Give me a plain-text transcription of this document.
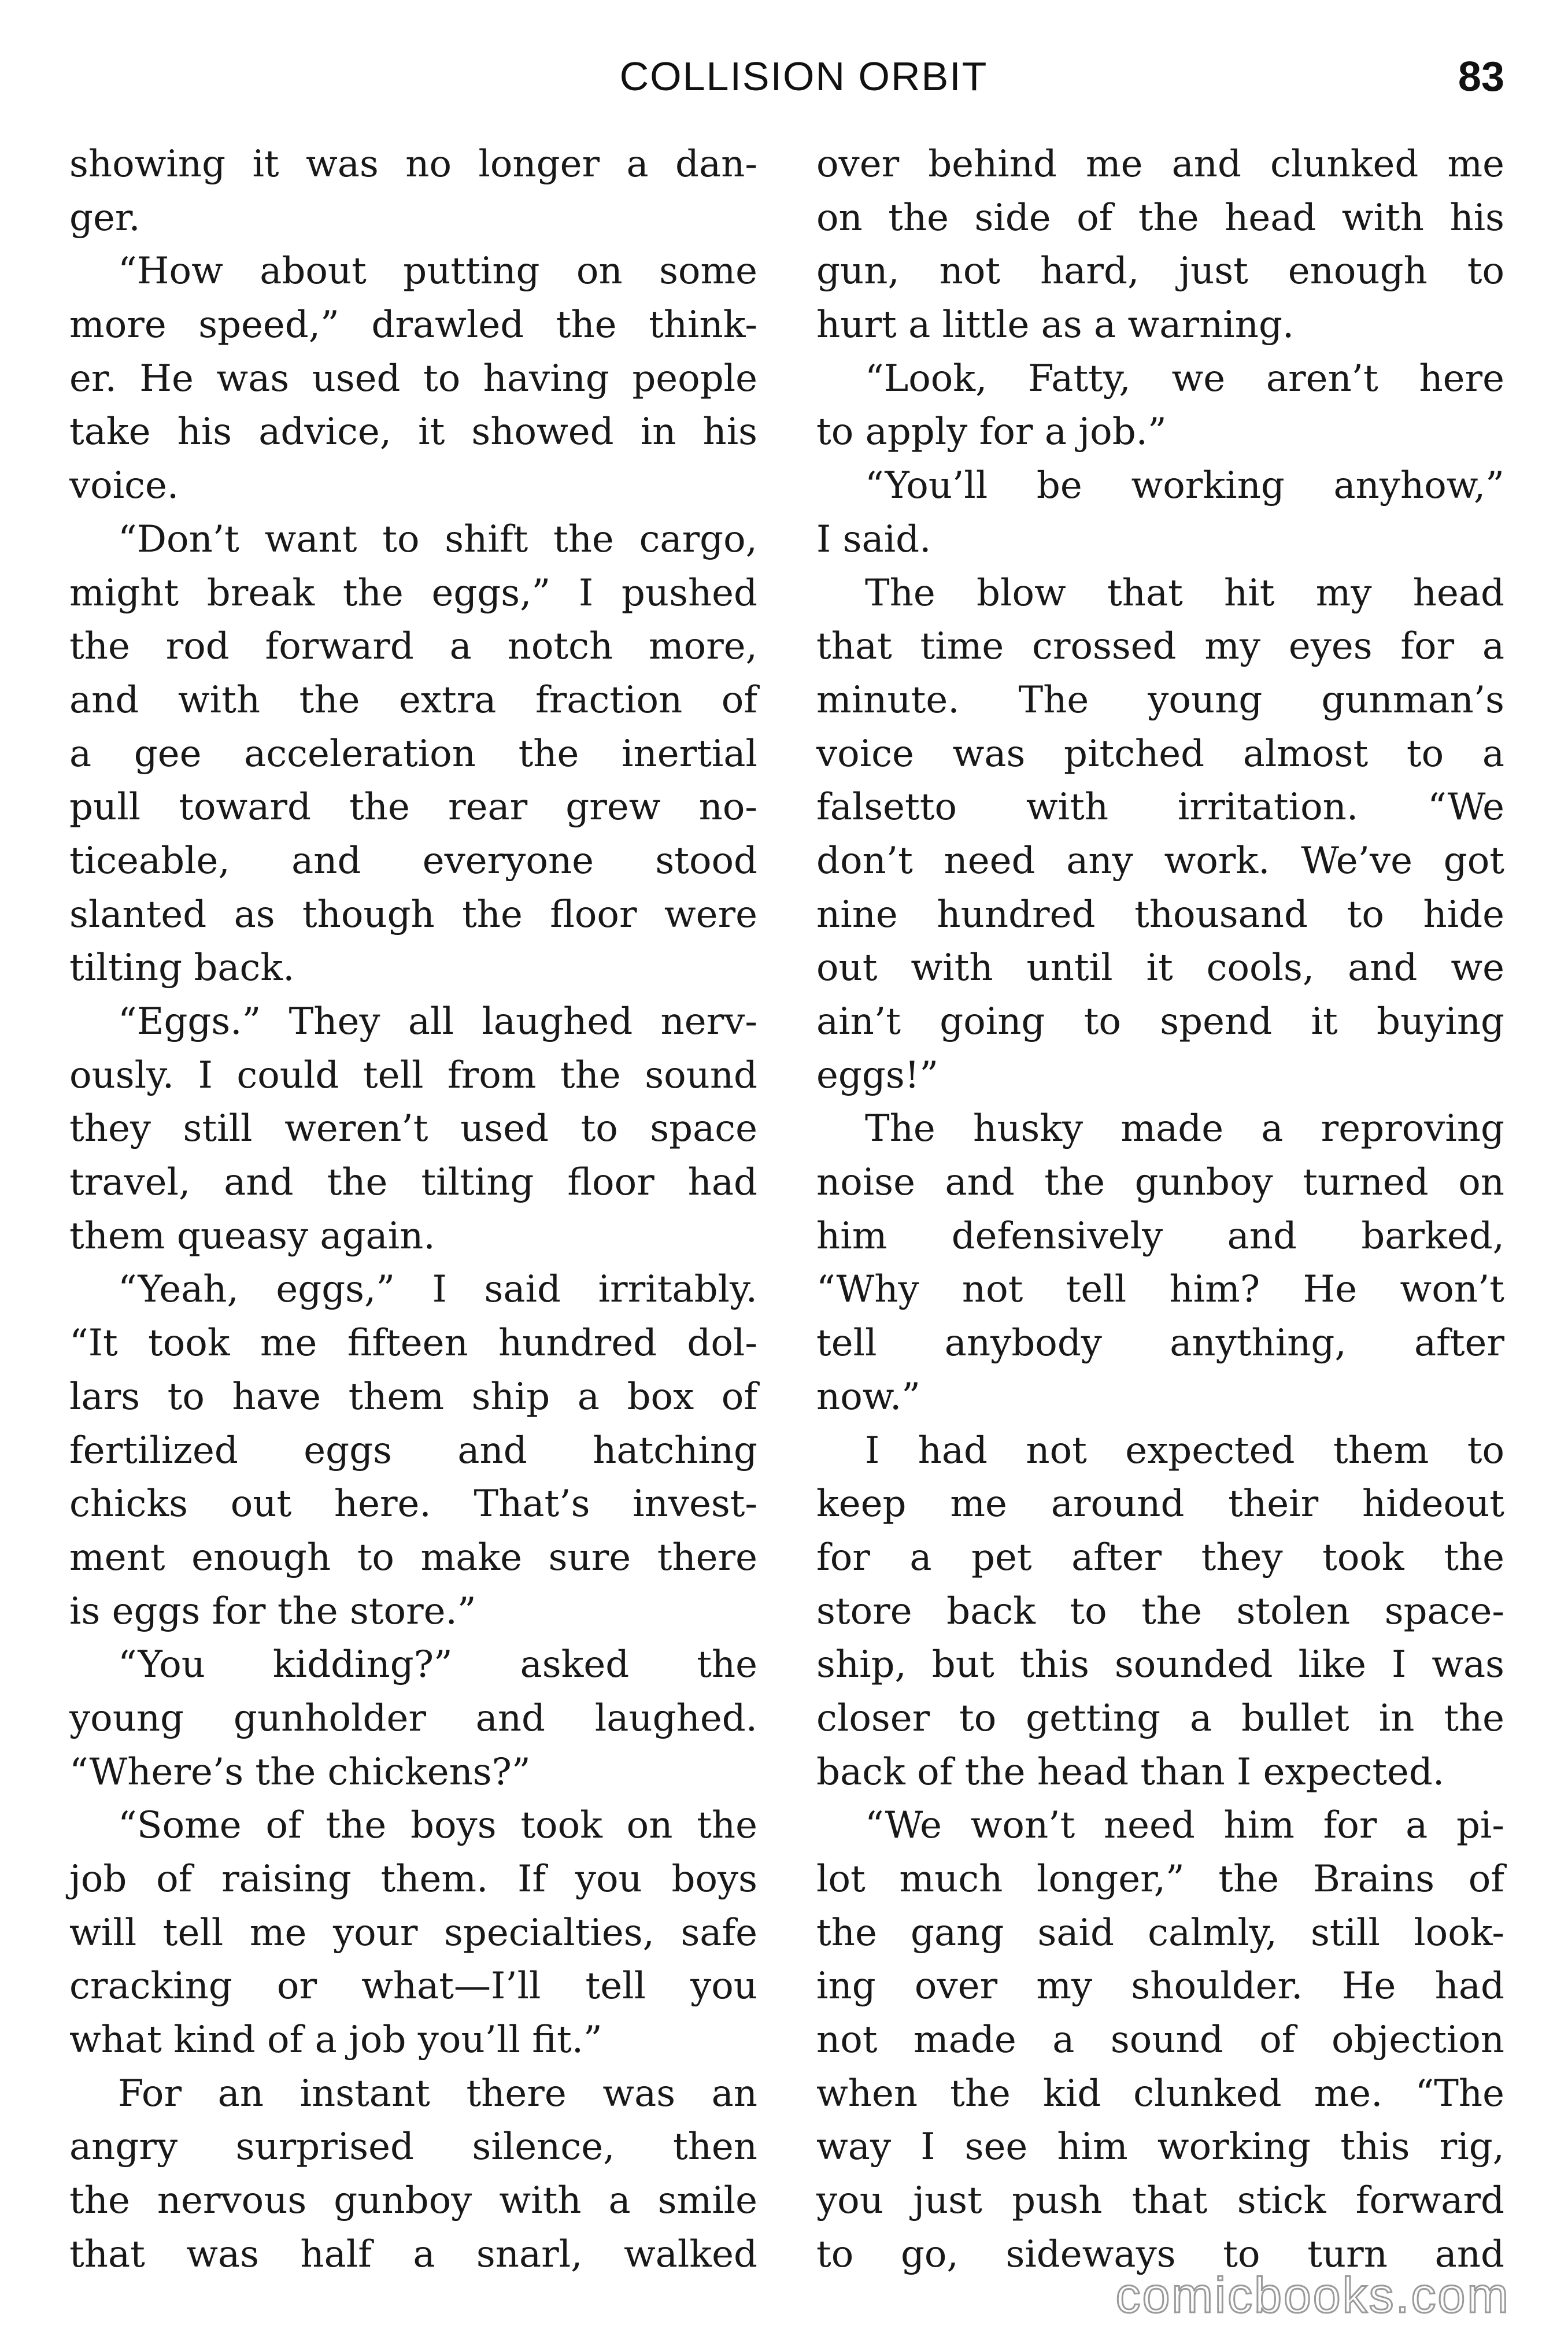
COLLISION ORBIT	83
showing it was no longer a dan-
ger.
“How about putting on some
more speed,” drawled the think-
er. He was used to having people
take his advice, it showed in his
voice.
“Don’t want to shift the cargo,
might break the eggs,” I pushed
the rod forward a notch more,
and with the extra fraction of
a gee acceleration the inertial
pull toward the rear grew no-
ticeable, and everyone stood
slanted as though the floor were
tilting back.
“Eggs.” They all laughed nerv-
ously. I could tell from the sound
they still weren’t used to space
travel, and the tilting floor had
them queasy again.
“Yeah, eggs,” I said irritably.
“It took me fifteen hundred dol-
lars to have them ship a box of
fertilized eggs and hatching
chicks out here. That’s invest-
ment enough to make sure there
is eggs for the store.”
“You kidding?” asked the
young gunholder and laughed.
“Where’s the chickens?”
“Some of the boys took on the
job of raising them. If you boys
will tell me your specialties, safe
cracking or what—I’ll tell you
what kind of a job you’ll fit.”
For an instant there was an
angry surprised silence, then
the nervous gunboy with a smile
that was half a snarl, walked
over behind me and clunked me
on the side of the head with his
gun, not hard, just enough to
hurt a little as a warning.
“Look, Fatty, we aren’t here
to apply for a job.”
“You’ll be working anyhow,”
I said.
The blow that hit my head
that time crossed my eyes for a
minute. The young gunman’s
voice was pitched almost to a
falsetto with irritation. “We
don’t need any work. We’ve got
nine hundred thousand to hide
out with until it cools, and we
ain’t going to spend it buying
eggs!”
The husky made a reproving
noise and the gunboy turned on
him defensively and barked,
“Why not tell him? He won’t
tell anybody anything, after
now.”
I had not expected them to
keep me around their hideout
for a pet after they took the
store back to the stolen space-
ship, but this sounded like I was
closer to getting a bullet in the
back of the head than I expected.
“We won’t need him for a pi-
lot much longer,” the Brains of
the gang said calmly, still look-
ing over my shoulder. He had
not made a sound of objection
when the kid clunked me. “The
way I see him working this rig,
you just push that stick forward
to go, sideways to turn and
comicbooks.com
